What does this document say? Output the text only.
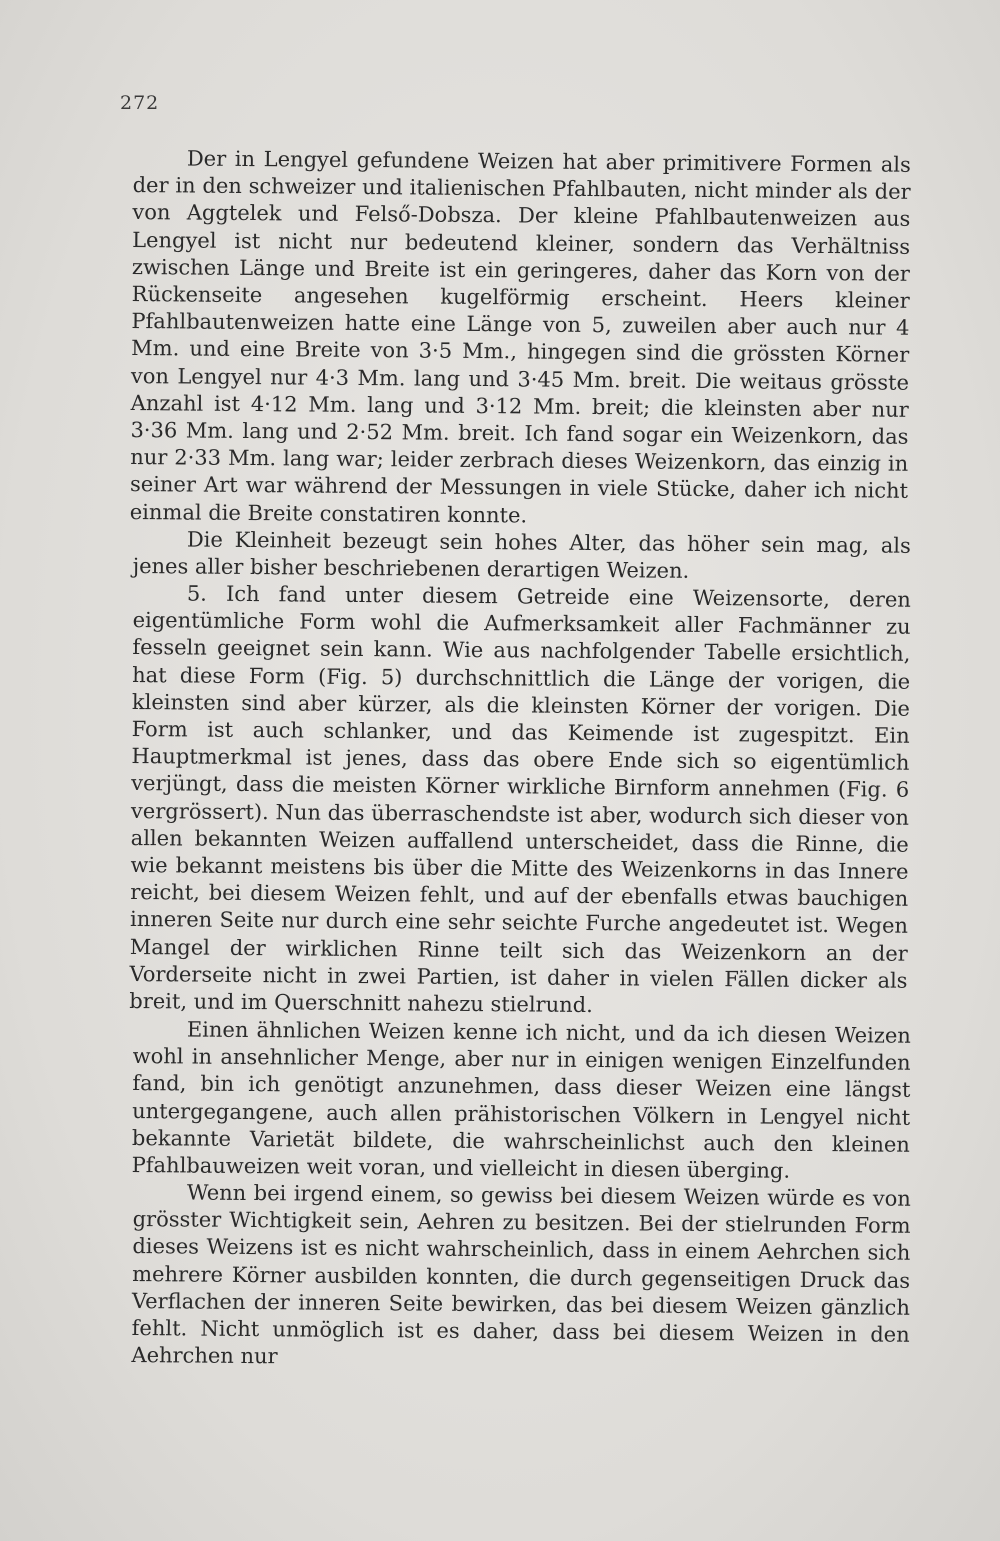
272

Der in Lengyel gefundene Weizen hat aber primitivere Formen als der in den schweizer und italienischen Pfahlbauten, nicht minder als der von Aggtelek und Felső-Dobsza. Der kleine Pfahlbautenweizen aus Lengyel ist nicht nur bedeutend kleiner, sondern das Verhältniss zwischen Länge und Breite ist ein geringeres, daher das Korn von der Rückenseite angesehen kugelförmig erscheint. Heers kleiner Pfahlbautenweizen hatte eine Länge von 5, zuweilen aber auch nur 4 Mm. und eine Breite von 3·5 Mm., hingegen sind die grössten Körner von Lengyel nur 4·3 Mm. lang und 3·45 Mm. breit. Die weitaus grösste Anzahl ist 4·12 Mm. lang und 3·12 Mm. breit; die kleinsten aber nur 3·36 Mm. lang und 2·52 Mm. breit. Ich fand sogar ein Weizenkorn, das nur 2·33 Mm. lang war; leider zerbrach dieses Weizenkorn, das einzig in seiner Art war während der Messungen in viele Stücke, daher ich nicht einmal die Breite constatiren konnte.

Die Kleinheit bezeugt sein hohes Alter, das höher sein mag, als jenes aller bisher beschriebenen derartigen Weizen.

5. Ich fand unter diesem Getreide eine Weizensorte, deren eigentümliche Form wohl die Aufmerksamkeit aller Fachmänner zu fesseln geeignet sein kann. Wie aus nachfolgender Tabelle ersichtlich, hat diese Form (Fig. 5) durchschnittlich die Länge der vorigen, die kleinsten sind aber kürzer, als die kleinsten Körner der vorigen. Die Form ist auch schlanker, und das Keimende ist zugespitzt. Ein Hauptmerkmal ist jenes, dass das obere Ende sich so eigentümlich verjüngt, dass die meisten Körner wirkliche Birnform annehmen (Fig. 6 vergrössert). Nun das überraschendste ist aber, wodurch sich dieser von allen bekannten Weizen auffallend unterscheidet, dass die Rinne, die wie bekannt meistens bis über die Mitte des Weizenkorns in das Innere reicht, bei diesem Weizen fehlt, und auf der ebenfalls etwas bauchigen inneren Seite nur durch eine sehr seichte Furche angedeutet ist. Wegen Mangel der wirklichen Rinne teilt sich das Weizenkorn an der Vorderseite nicht in zwei Partien, ist daher in vielen Fällen dicker als breit, und im Querschnitt nahezu stielrund.

Einen ähnlichen Weizen kenne ich nicht, und da ich diesen Weizen wohl in ansehnlicher Menge, aber nur in einigen wenigen Einzelfunden fand, bin ich genötigt anzunehmen, dass dieser Weizen eine längst untergegangene, auch allen prähistorischen Völkern in Lengyel nicht bekannte Varietät bildete, die wahrscheinlichst auch den kleinen Pfahlbauweizen weit voran, und vielleicht in diesen überging.

Wenn bei irgend einem, so gewiss bei diesem Weizen würde es von grösster Wichtigkeit sein, Aehren zu besitzen. Bei der stielrunden Form dieses Weizens ist es nicht wahrscheinlich, dass in einem Aehrchen sich mehrere Körner ausbilden konnten, die durch gegenseitigen Druck das Verflachen der inneren Seite bewirken, das bei diesem Weizen gänzlich fehlt. Nicht unmöglich ist es daher, dass bei diesem Weizen in den Aehrchen nur
